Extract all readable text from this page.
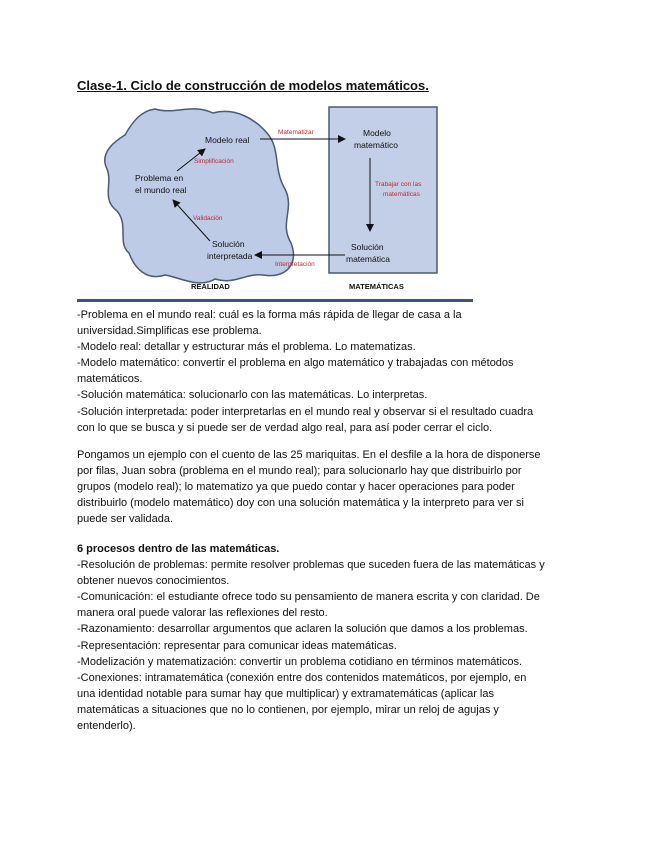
Clase-1. Ciclo de construcción de modelos matemáticos.
Modelo real
Problema en
el mundo real
Solución
interpretada
Modelo
matemático
Solución
matemática
Matematizar
Simplificación
Validación
Trabajar con las
matemáticas
Interpretación
REALIDAD	MATEMÁTICAS

-Problema en el mundo real: cuál es la forma más rápida de llegar de casa a la

universidad.Simplificas ese problema.

-Modelo real: detallar y estructurar más el problema. Lo matematizas.

-Modelo matemático: convertir el problema en algo matemático y trabajadas con métodos

matemáticos.

-Solución matemática: solucionarlo con las matemáticas. Lo interpretas.

-Solución interpretada: poder interpretarlas en el mundo real y observar si el resultado cuadra

con lo que se busca y si puede ser de verdad algo real, para así poder cerrar el ciclo.

Pongamos un ejemplo con el cuento de las 25 mariquitas. En el desfile a la hora de disponerse

por filas, Juan sobra (problema en el mundo real); para solucionarlo hay que distribuirlo por

grupos (modelo real); lo matematizo ya que puedo contar y hacer operaciones para poder

distribuirlo (modelo matemático) doy con una solución matemática y la interpreto para ver si

puede ser validada.

6 procesos dentro de las matemáticas.

-Resolución de problemas: permite resolver problemas que suceden fuera de las matemáticas y

obtener nuevos conocimientos.

-Comunicación: el estudiante ofrece todo su pensamiento de manera escrita y con claridad. De

manera oral puede valorar las reflexiones del resto.

-Razonamiento: desarrollar argumentos que aclaren la solución que damos a los problemas.

-Representación: representar para comunicar ideas matemáticas.

-Modelización y matematización: convertir un problema cotidiano en términos matemáticos.

-Conexiones: intramatemática (conexión entre dos contenidos matemáticos, por ejemplo, en

una identidad notable para sumar hay que multiplicar) y extramatemáticas (aplicar las

matemáticas a situaciones que no lo contienen, por ejemplo, mirar un reloj de agujas y

entenderlo).
